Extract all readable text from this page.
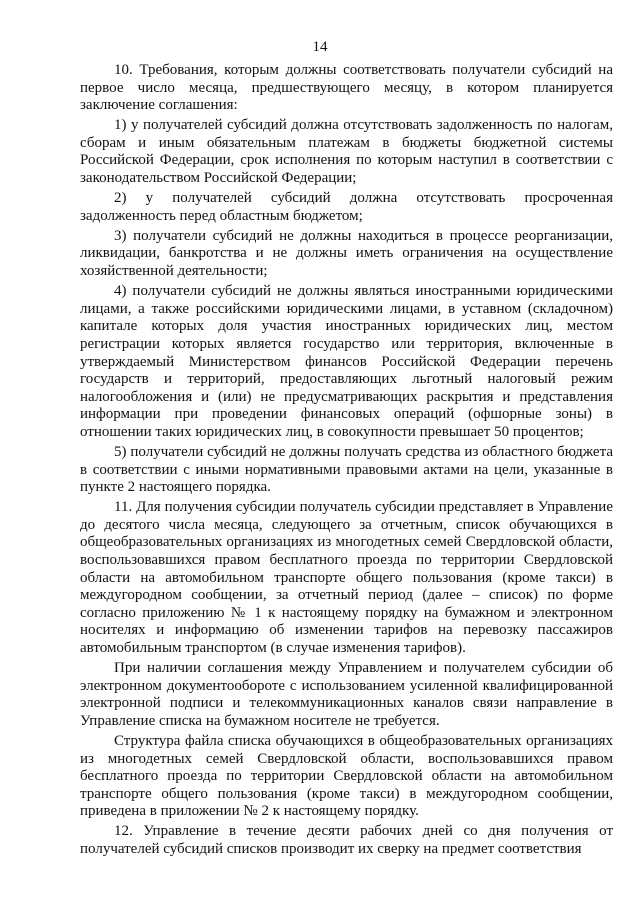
14

10. Требования, которым должны соответствовать получатели субсидий на первое число месяца, предшествующего месяцу, в котором планируется заключение соглашения:

1) у получателей субсидий должна отсутствовать задолженность по налогам, сборам и иным обязательным платежам в бюджеты бюджетной системы Российской Федерации, срок исполнения по которым наступил в соответствии с законодательством Российской Федерации;

2) у получателей субсидий должна отсутствовать просроченная задолженность перед областным бюджетом;

3) получатели субсидий не должны находиться в процессе реорганизации, ликвидации, банкротства и не должны иметь ограничения на осуществление хозяйственной деятельности;

4) получатели субсидий не должны являться иностранными юридическими лицами, а также российскими юридическими лицами, в уставном (складочном) капитале которых доля участия иностранных юридических лиц, местом регистрации которых является государство или территория, включенные в утверждаемый Министерством финансов Российской Федерации перечень государств и территорий, предоставляющих льготный налоговый режим налогообложения и (или) не предусматривающих раскрытия и представления информации при проведении финансовых операций (офшорные зоны) в отношении таких юридических лиц, в совокупности превышает 50 процентов;

5) получатели субсидий не должны получать средства из областного бюджета в соответствии с иными нормативными правовыми актами на цели, указанные в пункте 2 настоящего порядка.

11. Для получения субсидии получатель субсидии представляет в Управление до десятого числа месяца, следующего за отчетным, список обучающихся в общеобразовательных организациях из многодетных семей Свердловской области, воспользовавшихся правом бесплатного проезда по территории Свердловской области на автомобильном транспорте общего пользования (кроме такси) в междугородном сообщении, за отчетный период (далее – список) по форме согласно приложению № 1 к настоящему порядку на бумажном и электронном носителях и информацию об изменении тарифов на перевозку пассажиров автомобильным транспортом (в случае изменения тарифов).

При наличии соглашения между Управлением и получателем субсидии об электронном документообороте с использованием усиленной квалифицированной электронной подписи и телекоммуникационных каналов связи направление в Управление списка на бумажном носителе не требуется.

Структура файла списка обучающихся в общеобразовательных организациях из многодетных семей Свердловской области, воспользовавшихся правом бесплатного проезда по территории Свердловской области на автомобильном транспорте общего пользования (кроме такси) в междугородном сообщении, приведена в приложении № 2 к настоящему порядку.

12. Управление в течение десяти рабочих дней со дня получения от получателей субсидий списков производит их сверку на предмет соответствия
